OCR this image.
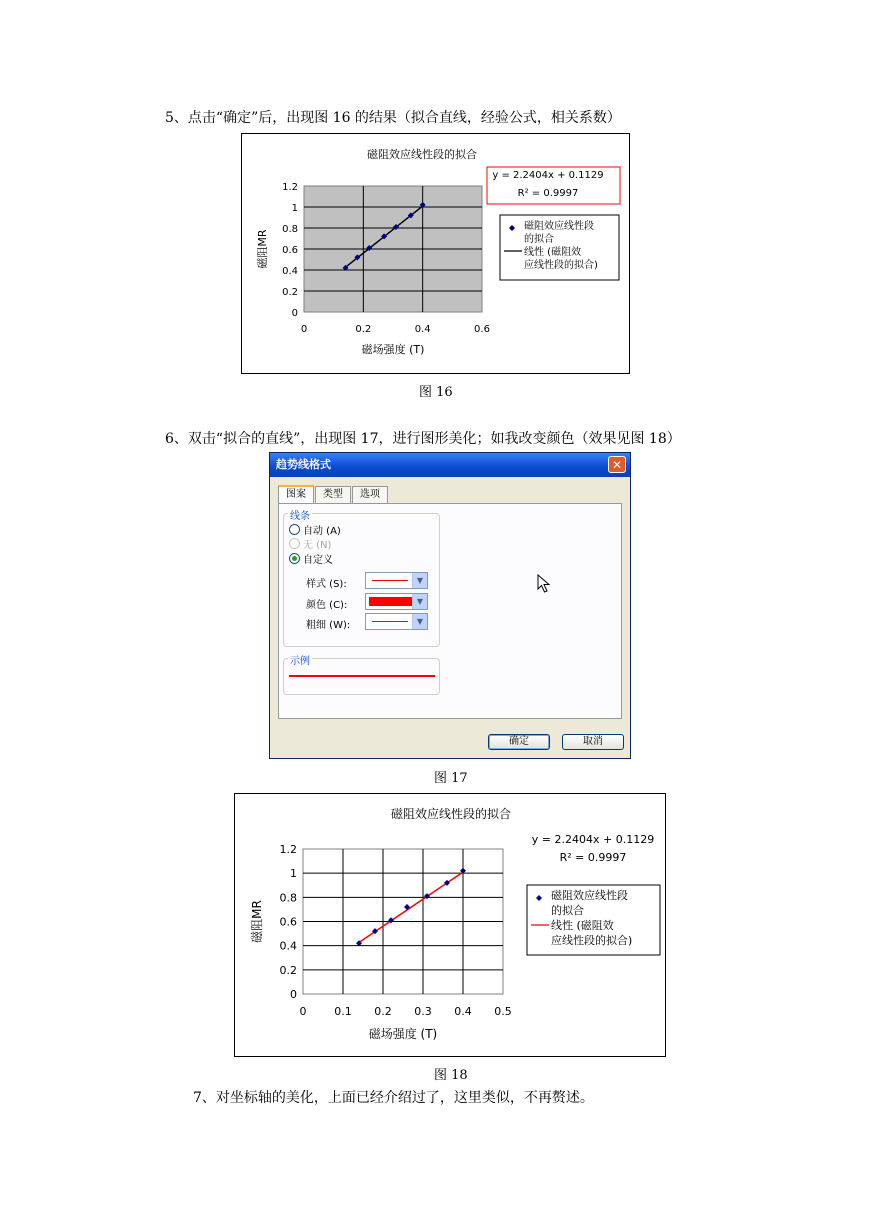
5、点击“确定”后，出现图 16 的结果（拟合直线，经验公式，相关系数）
磁阻效应线性段的拟合
0	0.2	0.4	0.6
0
0.2
0.4
0.6
0.8
1
1.2
磁场强度 (T)
磁阻MR
y = 2.2404x + 0.1129
R² = 0.9997
磁阻效应线性段
的拟合
线性 (磁阻效
应线性段的拟合)
图 16
6、双击“拟合的直线”，出现图 17，进行图形美化；如我改变颜色（效果见图 18）
趋势线格式	✕
图案 类型 选项
线条
自动 (A)
无 (N)
自定义
样式 (S):	▼
颜色 (C):	▼
粗细 (W):	▼
示例
确定	取消
图 17
磁阻效应线性段的拟合
0	0.1 0.2 0.3 0.4 0.5
0
0.2
0.4
0.6
0.8
1
1.2
磁场强度 (T)
磁阻MR
y = 2.2404x + 0.1129
R² = 0.9997
磁阻效应线性段
的拟合
线性 (磁阻效
应线性段的拟合)
图 18
7、对坐标轴的美化，上面已经介绍过了，这里类似，不再赘述。
